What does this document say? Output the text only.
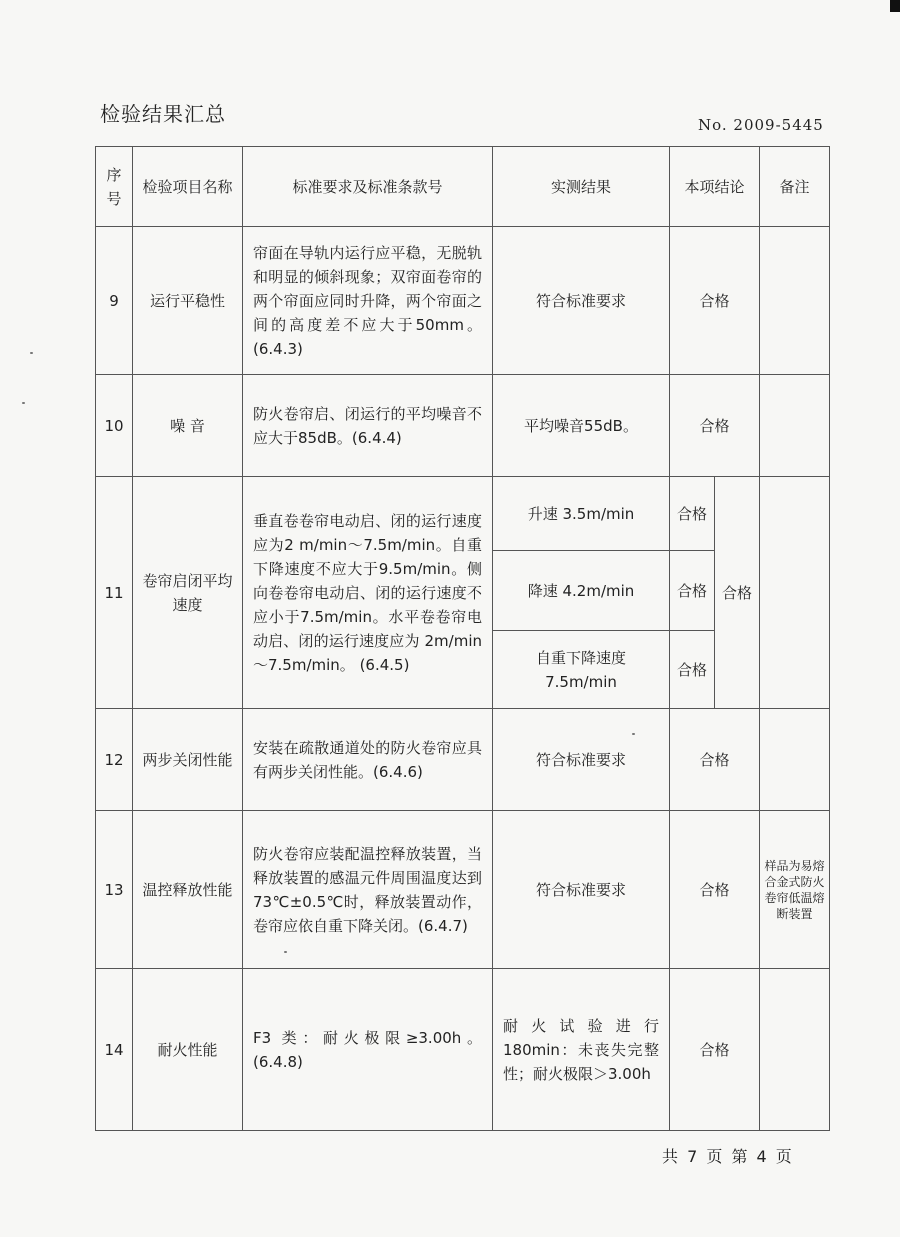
检验结果汇总	No. 2009-5445
序号	检验项目名称	标准要求及标准条款号	实测结果	本项结论		备注
9	运行平稳性	帘面在导轨内运行应平稳，无脱轨和明显的倾斜现象；双帘面卷帘的两个帘面应同时升降，两个帘面之间的高度差不应大于50mm。(6.4.3)	符合标准要求	合格		
10	噪 音	防火卷帘启、闭运行的平均噪音不应大于85dB。(6.4.4)	平均噪音55dB。	合格		
11	卷帘启闭平均速度	垂直卷卷帘电动启、闭的运行速度应为2 m/min～7.5m/min。自重下降速度不应大于9.5m/min。侧向卷卷帘电动启、闭的运行速度不应小于7.5m/min。水平卷卷帘电动启、闭的运行速度应为 2m/min～7.5m/min。 (6.4.5)	升速 3.5m/min	合格	合格	
			降速 4.2m/min	合格		
			自重下降速度 7.5m/min	合格		
12	两步关闭性能	安装在疏散通道处的防火卷帘应具有两步关闭性能。(6.4.6)	符合标准要求	合格		
13	温控释放性能	防火卷帘应装配温控释放装置，当释放装置的感温元件周围温度达到 73℃±0.5℃时，释放装置动作，卷帘应依自重下降关闭。(6.4.7)	符合标准要求	合格		样品为易熔合金式防火卷帘低温熔断装置
14	耐火性能	F3 类：耐火极限≥3.00h。(6.4.8)	耐火试验进行180min：未丧失完整性；耐火极限＞3.00h	合格		
共 7 页 第 4 页
